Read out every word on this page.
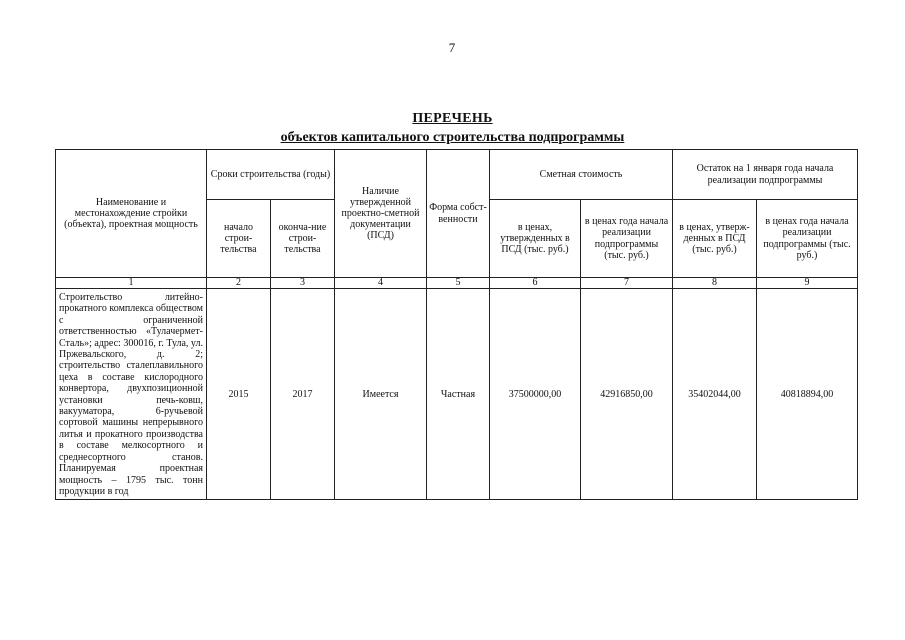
7
ПЕРЕЧЕНЬ
объектов капитального строительства подпрограммы
Наименование и местонахождение стройки (объекта), проектная мощность	Сроки строительства (годы)		Наличие утвержденной проектно-сметной документации (ПСД)	Форма собст-венности	Сметная стоимость		Остаток на 1 января года начала реализации подпрограммы	
	начало строи-тельства	оконча-ние строи-тельства			в ценах, утвержденных в ПСД (тыс. руб.)	в ценах года начала реализации подпрограммы (тыс. руб.)	в ценах, утверж-денных в ПСД (тыс. руб.)	в ценах года начала реализации подпрограммы (тыс. руб.)
1	2	3	4	5	6	7	8	9
Строительство литейно-прокатного комплекса обществом с ограниченной ответственностью «Тулачермет-Сталь»; адрес: 300016, г. Тула, ул. Пржевальского, д. 2; строительство сталеплавильного цеха в составе кислородного конвертора, двухпозиционной установки печь-ковш, вакууматора, 6-ручьевой сортовой машины непрерывного литья и прокатного производства в составе мелкосортного и среднесортного станов. Планируемая проектная мощность – 1795 тыс. тонн продукции в год	2015	2017	Имеется	Частная	37500000,00	42916850,00	35402044,00	40818894,00
